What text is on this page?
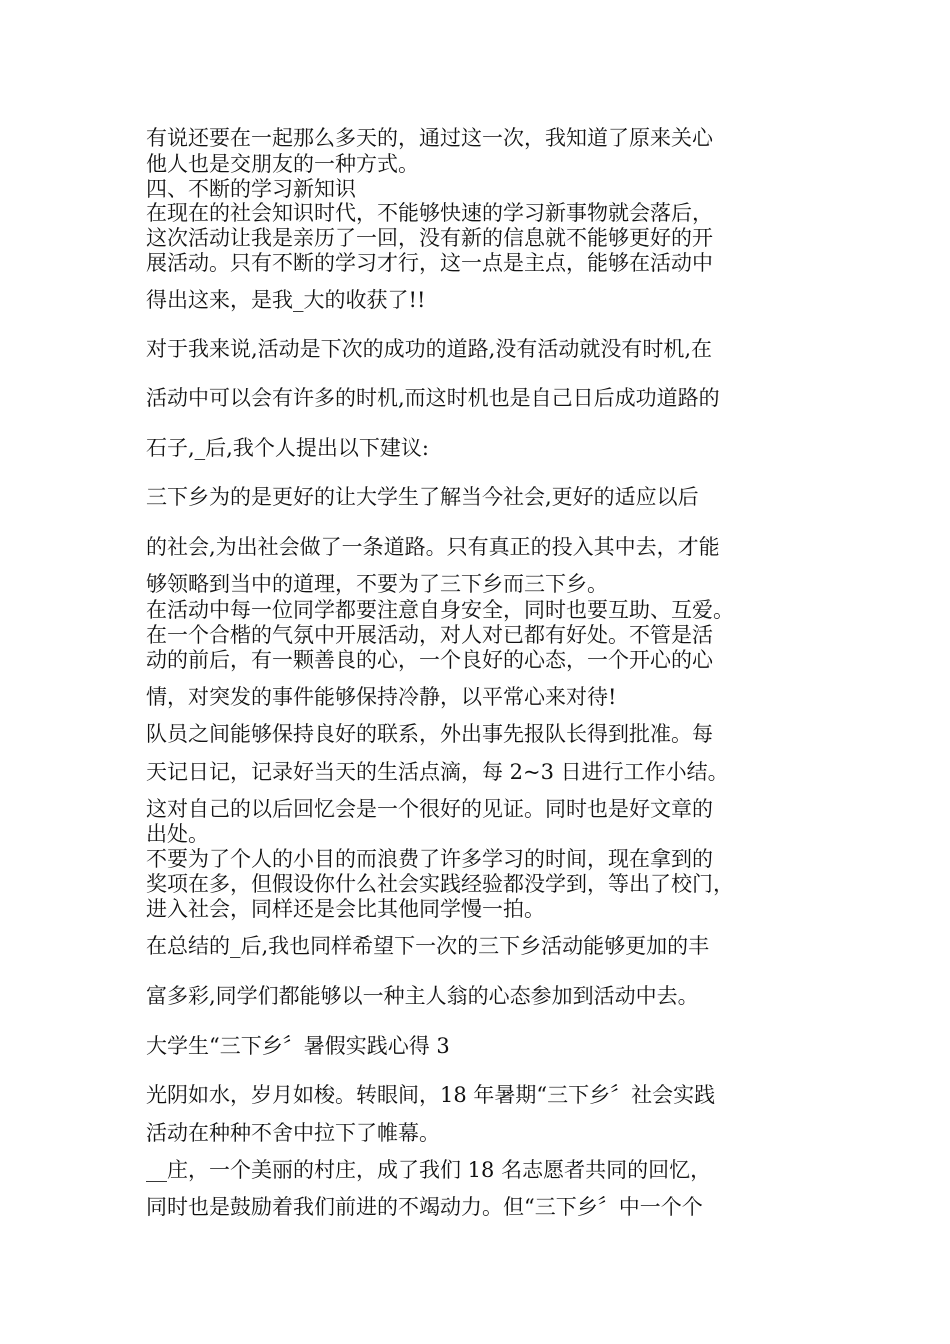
有说还要在一起那么多天的，通过这一次，我知道了原来关心
他人也是交朋友的一种方式。
四、不断的学习新知识
在现在的社会知识时代，不能够快速的学习新事物就会落后，
这次活动让我是亲历了一回，没有新的信息就不能够更好的开
展活动。只有不断的学习才行，这一点是主点，能够在活动中
得出这来，是我_大的收获了!!
对于我来说,活动是下次的成功的道路,没有活动就没有时机,在
活动中可以会有许多的时机,而这时机也是自己日后成功道路的
石子,_后,我个人提出以下建议:
三下乡为的是更好的让大学生了解当今社会,更好的适应以后
的社会,为出社会做了一条道路。只有真正的投入其中去，才能
够领略到当中的道理，不要为了三下乡而三下乡。
在活动中每一位同学都要注意自身安全，同时也要互助、互爱。
在一个合楷的气氛中开展活动，对人对已都有好处。不管是活
动的前后，有一颗善良的心，一个良好的心态，一个开心的心
情，对突发的事件能够保持冷静，以平常心来对待!
队员之间能够保持良好的联系，外出事先报队长得到批准。每
天记日记，记录好当天的生活点滴，每 2~3 日进行工作小结。
这对自己的以后回忆会是一个很好的见证。同时也是好文章的
出处。
不要为了个人的小目的而浪费了许多学习的时间，现在拿到的
奖项在多，但假设你什么社会实践经验都没学到，等出了校门，
进入社会，同样还是会比其他同学慢一拍。
在总结的_后,我也同样希望下一次的三下乡活动能够更加的丰
富多彩,同学们都能够以一种主人翁的心态参加到活动中去。
大学生“三下乡〞暑假实践心得 3
光阴如水，岁月如梭。转眼间，18 年暑期“三下乡〞社会实践
活动在种种不舍中拉下了帷幕。
__庄，一个美丽的村庄，成了我们 18 名志愿者共同的回忆，
同时也是鼓励着我们前进的不竭动力。但“三下乡〞中一个个
